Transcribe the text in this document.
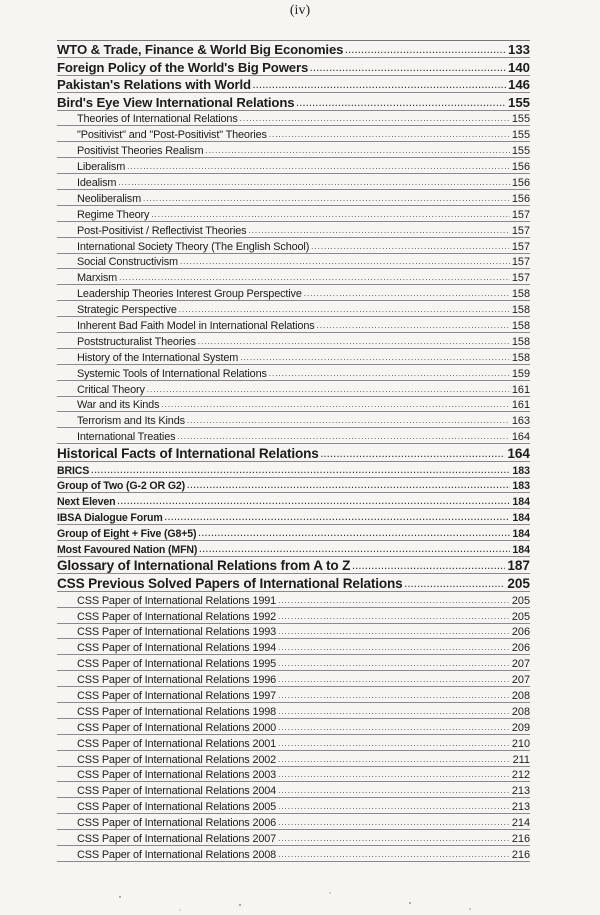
(iv)
WTO & Trade, Finance & World Big Economies .....	133
Foreign Policy of the World's Big Powers .....	140
Pakistan's Relations with World .....	146
Bird's Eye View International Relations .....	155
Theories of International Relations .....	155
"Positivist" and "Post-Positivist" Theories .....	155
Positivist Theories Realism .....	155
Liberalism .....	156
Idealism .....	156
Neoliberalism .....	156
Regime Theory .....	157
Post-Positivist / Reflectivist Theories .....	157
International Society Theory (The English School) .....	157
Social Constructivism .....	157
Marxism .....	157
Leadership Theories Interest Group Perspective .....	158
Strategic Perspective .....	158
Inherent Bad Faith Model in International Relations .....	158
Poststructuralist Theories .....	158
History of the International System .....	158
Systemic Tools of International Relations .....	159
Critical Theory .....	161
War and its Kinds .....	161
Terrorism and Its Kinds .....	163
International Treaties .....	164
Historical Facts of International Relations .....	164
BRICS .....	183
Group of Two (G-2 OR G2) .....	183
Next Eleven .....	184
IBSA Dialogue Forum .....	184
Group of Eight + Five (G8+5) .....	184
Most Favoured Nation (MFN) .....	184
Glossary of International Relations from A to Z .....	187
CSS Previous Solved Papers of International Relations .....	205
CSS Paper of International Relations 1991 .....	205
CSS Paper of International Relations 1992 .....	205
CSS Paper of International Relations 1993 .....	206
CSS Paper of International Relations 1994 .....	206
CSS Paper of International Relations 1995 .....	207
CSS Paper of International Relations 1996 .....	207
CSS Paper of International Relations 1997 .....	208
CSS Paper of International Relations 1998 .....	208
CSS Paper of International Relations 2000 .....	209
CSS Paper of International Relations 2001 .....	210
CSS Paper of International Relations 2002 .....	211
CSS Paper of International Relations 2003 .....	212
CSS Paper of International Relations 2004 .....	213
CSS Paper of International Relations 2005 .....	213
CSS Paper of International Relations 2006 .....	214
CSS Paper of International Relations 2007 .....	216
CSS Paper of International Relations 2008 .....	216
